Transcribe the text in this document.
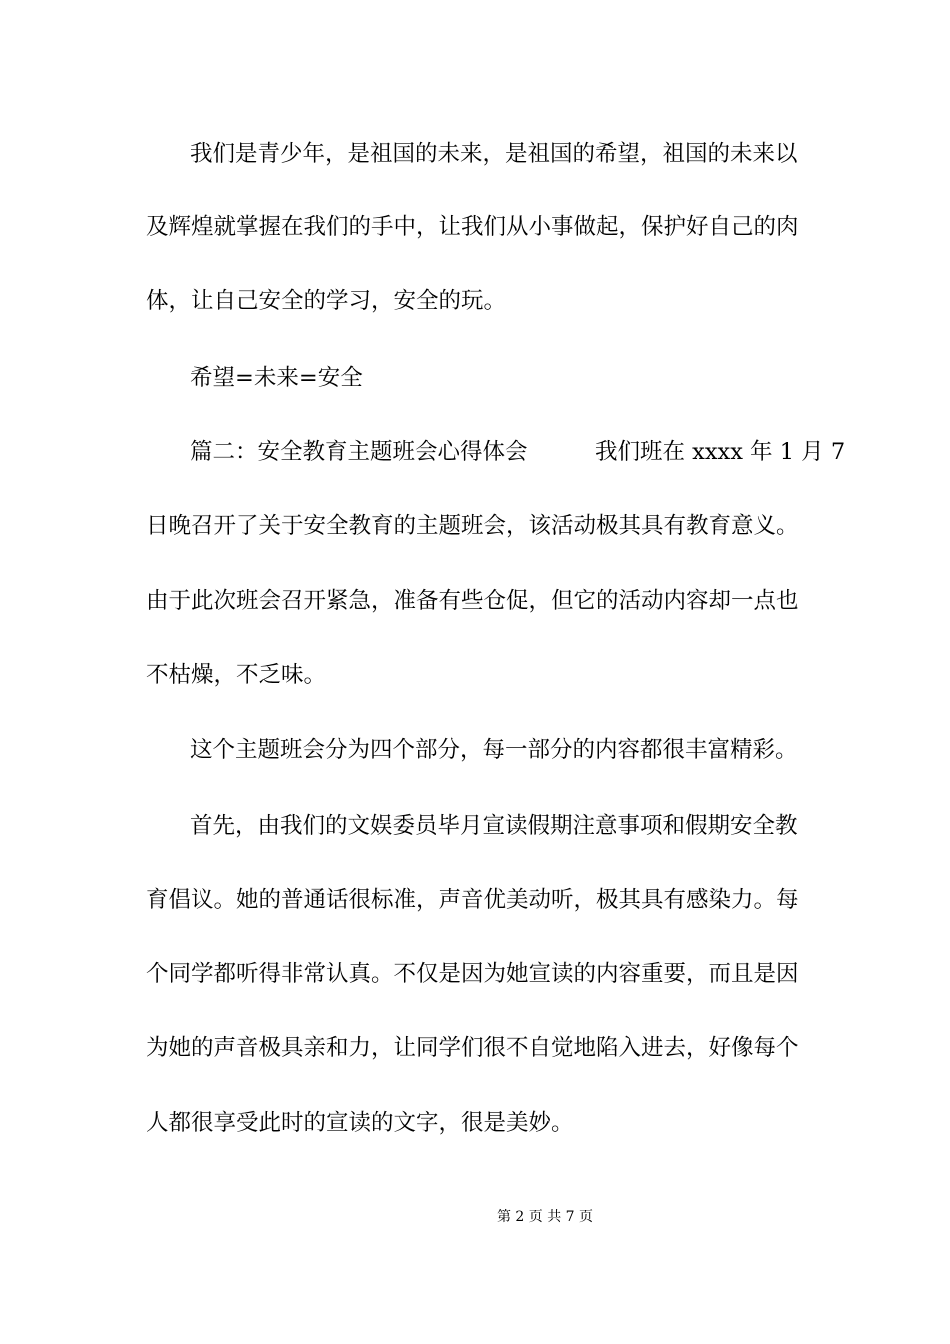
我们是青少年，是祖国的未来，是祖国的希望，祖国的未来以
及辉煌就掌握在我们的手中，让我们从小事做起，保护好自己的肉
体，让自己安全的学习，安全的玩。
希望=未来=安全
篇二：安全教育主题班会心得体会　　　我们班在 xxxx 年 1 月 7
日晚召开了关于安全教育的主题班会，该活动极其具有教育意义。
由于此次班会召开紧急，准备有些仓促，但它的活动内容却一点也
不枯燥，不乏味。
这个主题班会分为四个部分，每一部分的内容都很丰富精彩。
首先，由我们的文娱委员毕月宣读假期注意事项和假期安全教
育倡议。她的普通话很标准，声音优美动听，极其具有感染力。每
个同学都听得非常认真。不仅是因为她宣读的内容重要，而且是因
为她的声音极具亲和力，让同学们很不自觉地陷入进去，好像每个
人都很享受此时的宣读的文字，很是美妙。
第 2 页 共 7 页
